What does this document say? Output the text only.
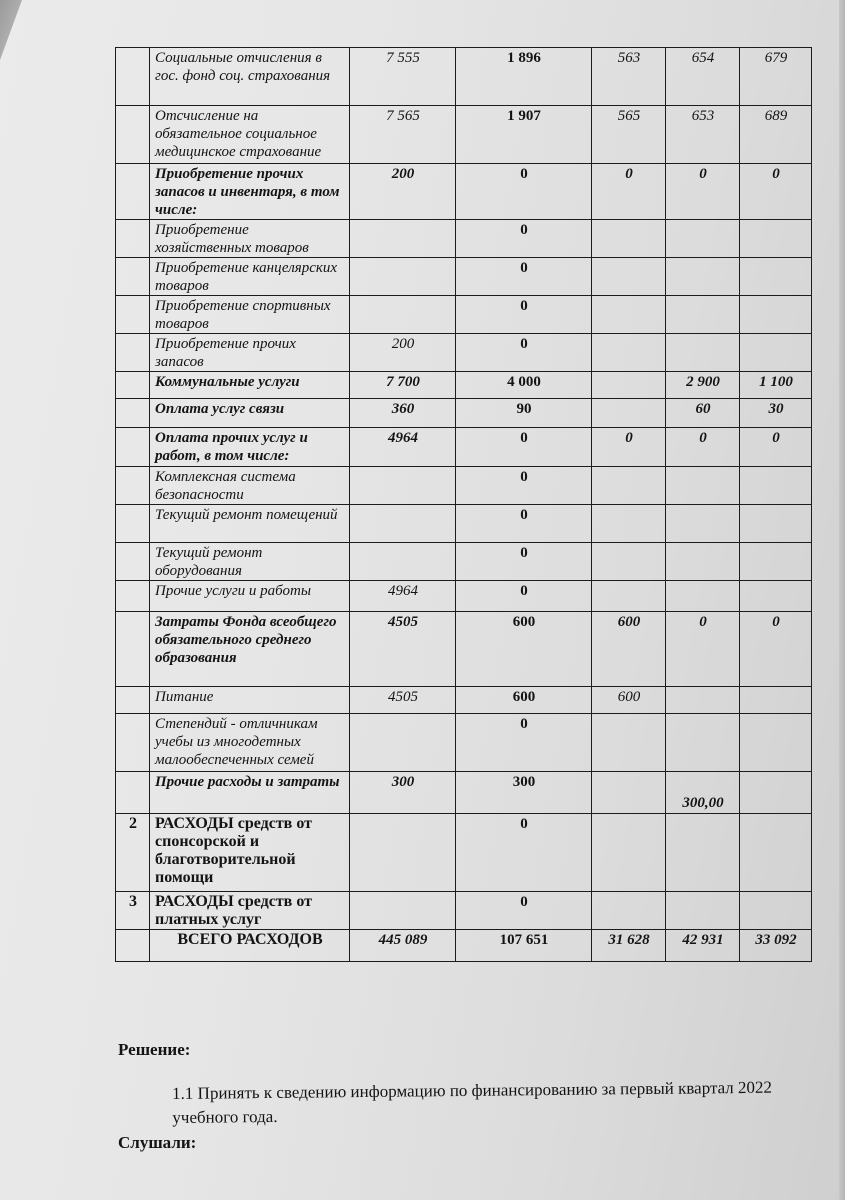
	Социальные отчисления в гос. фонд соц. страхования	7 555	1 896	563	654	679
	Отсчисление на обязательное социальное медицинское страхование	7 565	1 907	565	653	689
	Приобретение прочих запасов и инвентаря, в том числе:	200	0	0	0	0
	Приобретение хозяйственных товаров		0			
	Приобретение канцелярских товаров		0			
	Приобретение спортивных товаров		0			
	Приобретение прочих запасов	200	0			
	Коммунальные услуги	7 700	4 000		2 900	1 100
	Оплата услуг связи	360	90		60	30
	Оплата прочих услуг и работ, в том числе:	4964	0	0	0	0
	Комплексная система безопасности		0			
	Текущий ремонт помещений		0			
	Текущий ремонт оборудования		0			
	Прочие услуги и работы	4964	0			
	Затраты Фонда всеобщего обязательного среднего образования	4505	600	600	0	0
	Питание	4505	600	600		
	Степендий - отличникам учебы из многодетных малообеспеченных семей		0			
	Прочие расходы и затраты	300	300		300,00	
2	РАСХОДЫ средств от спонсорской и благотворительной помощи		0			
3	РАСХОДЫ средств от платных услуг		0			
	ВСЕГО РАСХОДОВ	445 089	107 651	31 628	42 931	33 092
Решение:
1.1 Принять к сведению информацию по финансированию за первый квартал 2022 учебного года.
Слушали:
